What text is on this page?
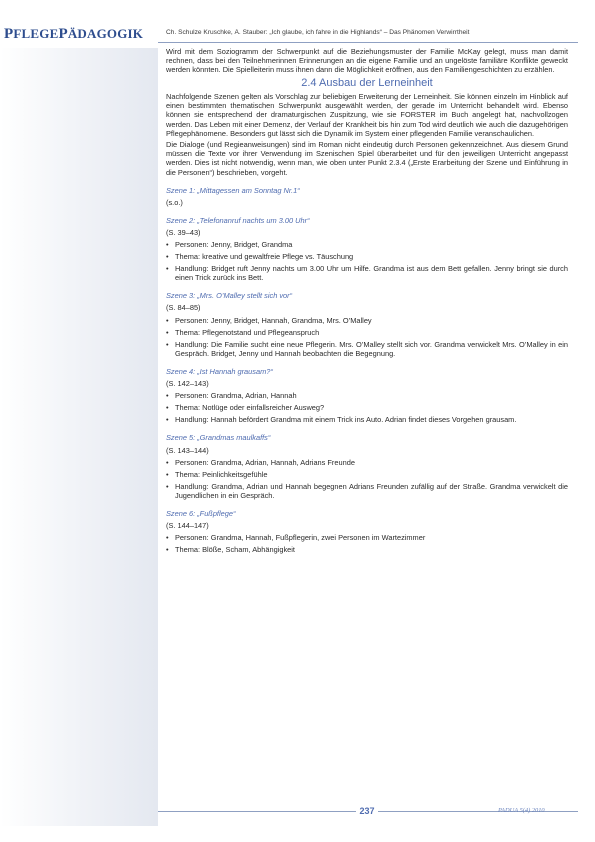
PFLEGEPÄDAGOGIK	Ch. Schulze Kruschke, Ä. Stauber: „Ich glaube, ich fahre in die Highlands“ – Das Phänomen Verwirrtheit

Wird mit dem Soziogramm der Schwerpunkt auf die Beziehungsmuster der Familie McKay gelegt, muss man damit rechnen, dass bei den Teilnehmerinnen Erinnerungen an die eigene Familie und an ungelöste familiäre Konflikte geweckt werden könnten. Die Spielleiterin muss ihnen dann die Möglichkeit eröffnen, aus den Familiengeschichten zu erzählen.

2.4 Ausbau der Lerneinheit

Nachfolgende Szenen gelten als Vorschlag zur beliebigen Erweiterung der Lerneinheit. Sie können einzeln im Hinblick auf einen bestimmten thematischen Schwerpunkt ausgewählt werden, der gerade im Unterricht behandelt wird. Ebenso können sie entsprechend der dramaturgischen Zuspitzung, wie sie FORSTER im Buch angelegt hat, nachvollzogen werden. Das Leben mit einer Demenz, der Verlauf der Krankheit bis hin zum Tod wird deutlich wie auch die dazugehörigen Pflegephänomene. Besonders gut lässt sich die Dynamik im System einer pflegenden Familie veranschaulichen.

Die Dialoge (und Regieanweisungen) sind im Roman nicht eindeutig durch Personen gekennzeichnet. Aus diesem Grund müssen die Texte vor ihrer Verwendung im Szenischen Spiel überarbeitet und für den jeweiligen Unterricht angepasst werden. Dies ist nicht notwendig, wenn man, wie oben unter Punkt 2.3.4 („Erste Erarbeitung der Szene und Einführung in die Personen“) beschrieben, vorgeht.

Szene 1: „Mittagessen am Sonntag Nr.1“
(s.o.)
Szene 2: „Telefonanruf nachts um 3.00 Uhr“
(S. 39–43)
• Personen: Jenny, Bridget, Grandma
• Thema: kreative und gewaltfreie Pflege vs. Täuschung
• Handlung: Bridget ruft Jenny nachts um 3.00 Uhr um Hilfe. Grandma ist aus dem Bett gefallen. Jenny bringt sie durch einen Trick zurück ins Bett.
Szene 3: „Mrs. O’Malley stellt sich vor“
(S. 84–85)
• Personen: Jenny, Bridget, Hannah, Grandma, Mrs. O’Malley
• Thema: Pflegenotstand und Pflegeanspruch
• Handlung: Die Familie sucht eine neue Pflegerin. Mrs. O’Malley stellt sich vor. Grandma verwickelt Mrs. O’Malley in ein Gespräch. Bridget, Jenny und Hannah beobachten die Begegnung.
Szene 4: „Ist Hannah grausam?“
(S. 142–143)
• Personen: Grandma, Adrian, Hannah
• Thema: Notlüge oder einfallsreicher Ausweg?
• Handlung: Hannah befördert Grandma mit einem Trick ins Auto. Adrian findet dieses Vorgehen grausam.
Szene 5: „Grandmas maulkaffs“
(S. 143–144)
• Personen: Grandma, Adrian, Hannah, Adrians Freunde
• Thema: Peinlichkeitsgefühle
• Handlung: Grandma, Adrian und Hannah begegnen Adrians Freunden zufällig auf der Straße. Grandma verwickelt die Jugendlichen in ein Gespräch.
Szene 6: „Fußpflege“
(S. 144–147)
• Personen: Grandma, Hannah, Fußpflegerin, zwei Personen im Wartezimmer
• Thema: Blöße, Scham, Abhängigkeit
237	PADUA 5(4) 2010
